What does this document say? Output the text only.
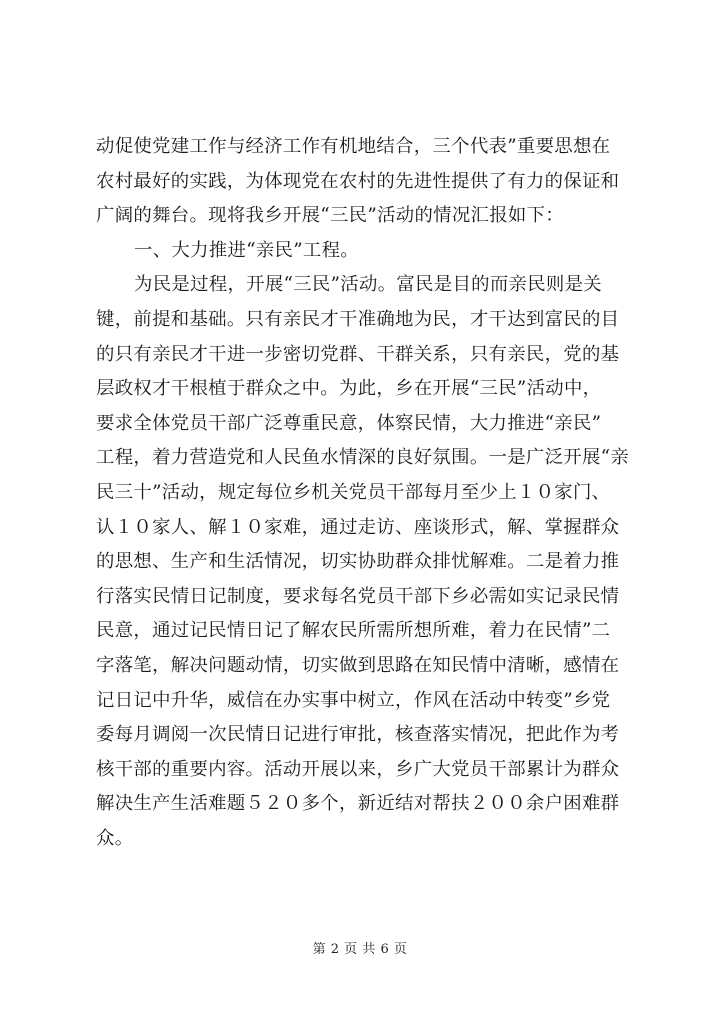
动促使党建工作与经济工作有机地结合，三个代表”重要思想在
农村最好的实践，为体现党在农村的先进性提供了有力的保证和
广阔的舞台。现将我乡开展“三民”活动的情况汇报如下：
一、大力推进“亲民”工程。
为民是过程，开展“三民”活动。富民是目的而亲民则是关
键，前提和基础。只有亲民才干准确地为民，才干达到富民的目
的只有亲民才干进一步密切党群、干群关系，只有亲民，党的基
层政权才干根植于群众之中。为此，乡在开展“三民”活动中，
要求全体党员干部广泛尊重民意，体察民情，大力推进“亲民”
工程，着力营造党和人民鱼水情深的良好氛围。一是广泛开展“亲
民三十”活动，规定每位乡机关党员干部每月至少上１０家门、
认１０家人、解１０家难，通过走访、座谈形式，解、掌握群众
的思想、生产和生活情况，切实协助群众排忧解难。二是着力推
行落实民情日记制度，要求每名党员干部下乡必需如实记录民情
民意，通过记民情日记了解农民所需所想所难，着力在民情”二
字落笔，解决问题动情，切实做到思路在知民情中清晰，感情在
记日记中升华，威信在办实事中树立，作风在活动中转变”乡党
委每月调阅一次民情日记进行审批，核查落实情况，把此作为考
核干部的重要内容。活动开展以来，乡广大党员干部累计为群众
解决生产生活难题５２０多个，新近结对帮扶２００余户困难群
众。
第 2 页 共 6 页
